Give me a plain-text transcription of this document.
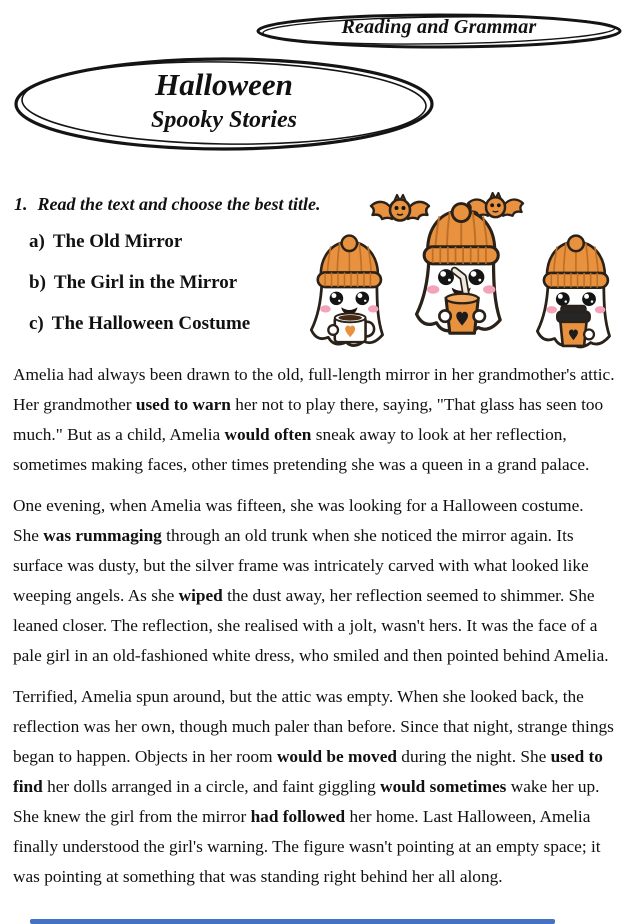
Reading and Grammar
Halloween
Spooky Stories
1. Read the text and choose the best title.
a) The Old Mirror
b) The Girl in the Mirror
c) The Halloween Costume

Amelia had always been drawn to the old, full-length mirror in her grandmother's attic. Her grandmother used to warn her not to play there, saying, "That glass has seen too much." But as a child, Amelia would often sneak away to look at her reflection, sometimes making faces, other times pretending she was a queen in a grand palace.

One evening, when Amelia was fifteen, she was looking for a Halloween costume.
She was rummaging through an old trunk when she noticed the mirror again. Its surface was dusty, but the silver frame was intricately carved with what looked like weeping angels. As she wiped the dust away, her reflection seemed to shimmer. She leaned closer. The reflection, she realised with a jolt, wasn't hers. It was the face of a pale girl in an old-fashioned white dress, who smiled and then pointed behind Amelia.

Terrified, Amelia spun around, but the attic was empty. When she looked back, the reflection was her own, though much paler than before. Since that night, strange things began to happen. Objects in her room would be moved during the night. She used to find her dolls arranged in a circle, and faint giggling would sometimes wake her up. She knew the girl from the mirror had followed her home. Last Halloween, Amelia finally understood the girl's warning. The figure wasn't pointing at an empty space; it was pointing at something that was standing right behind her all along.
